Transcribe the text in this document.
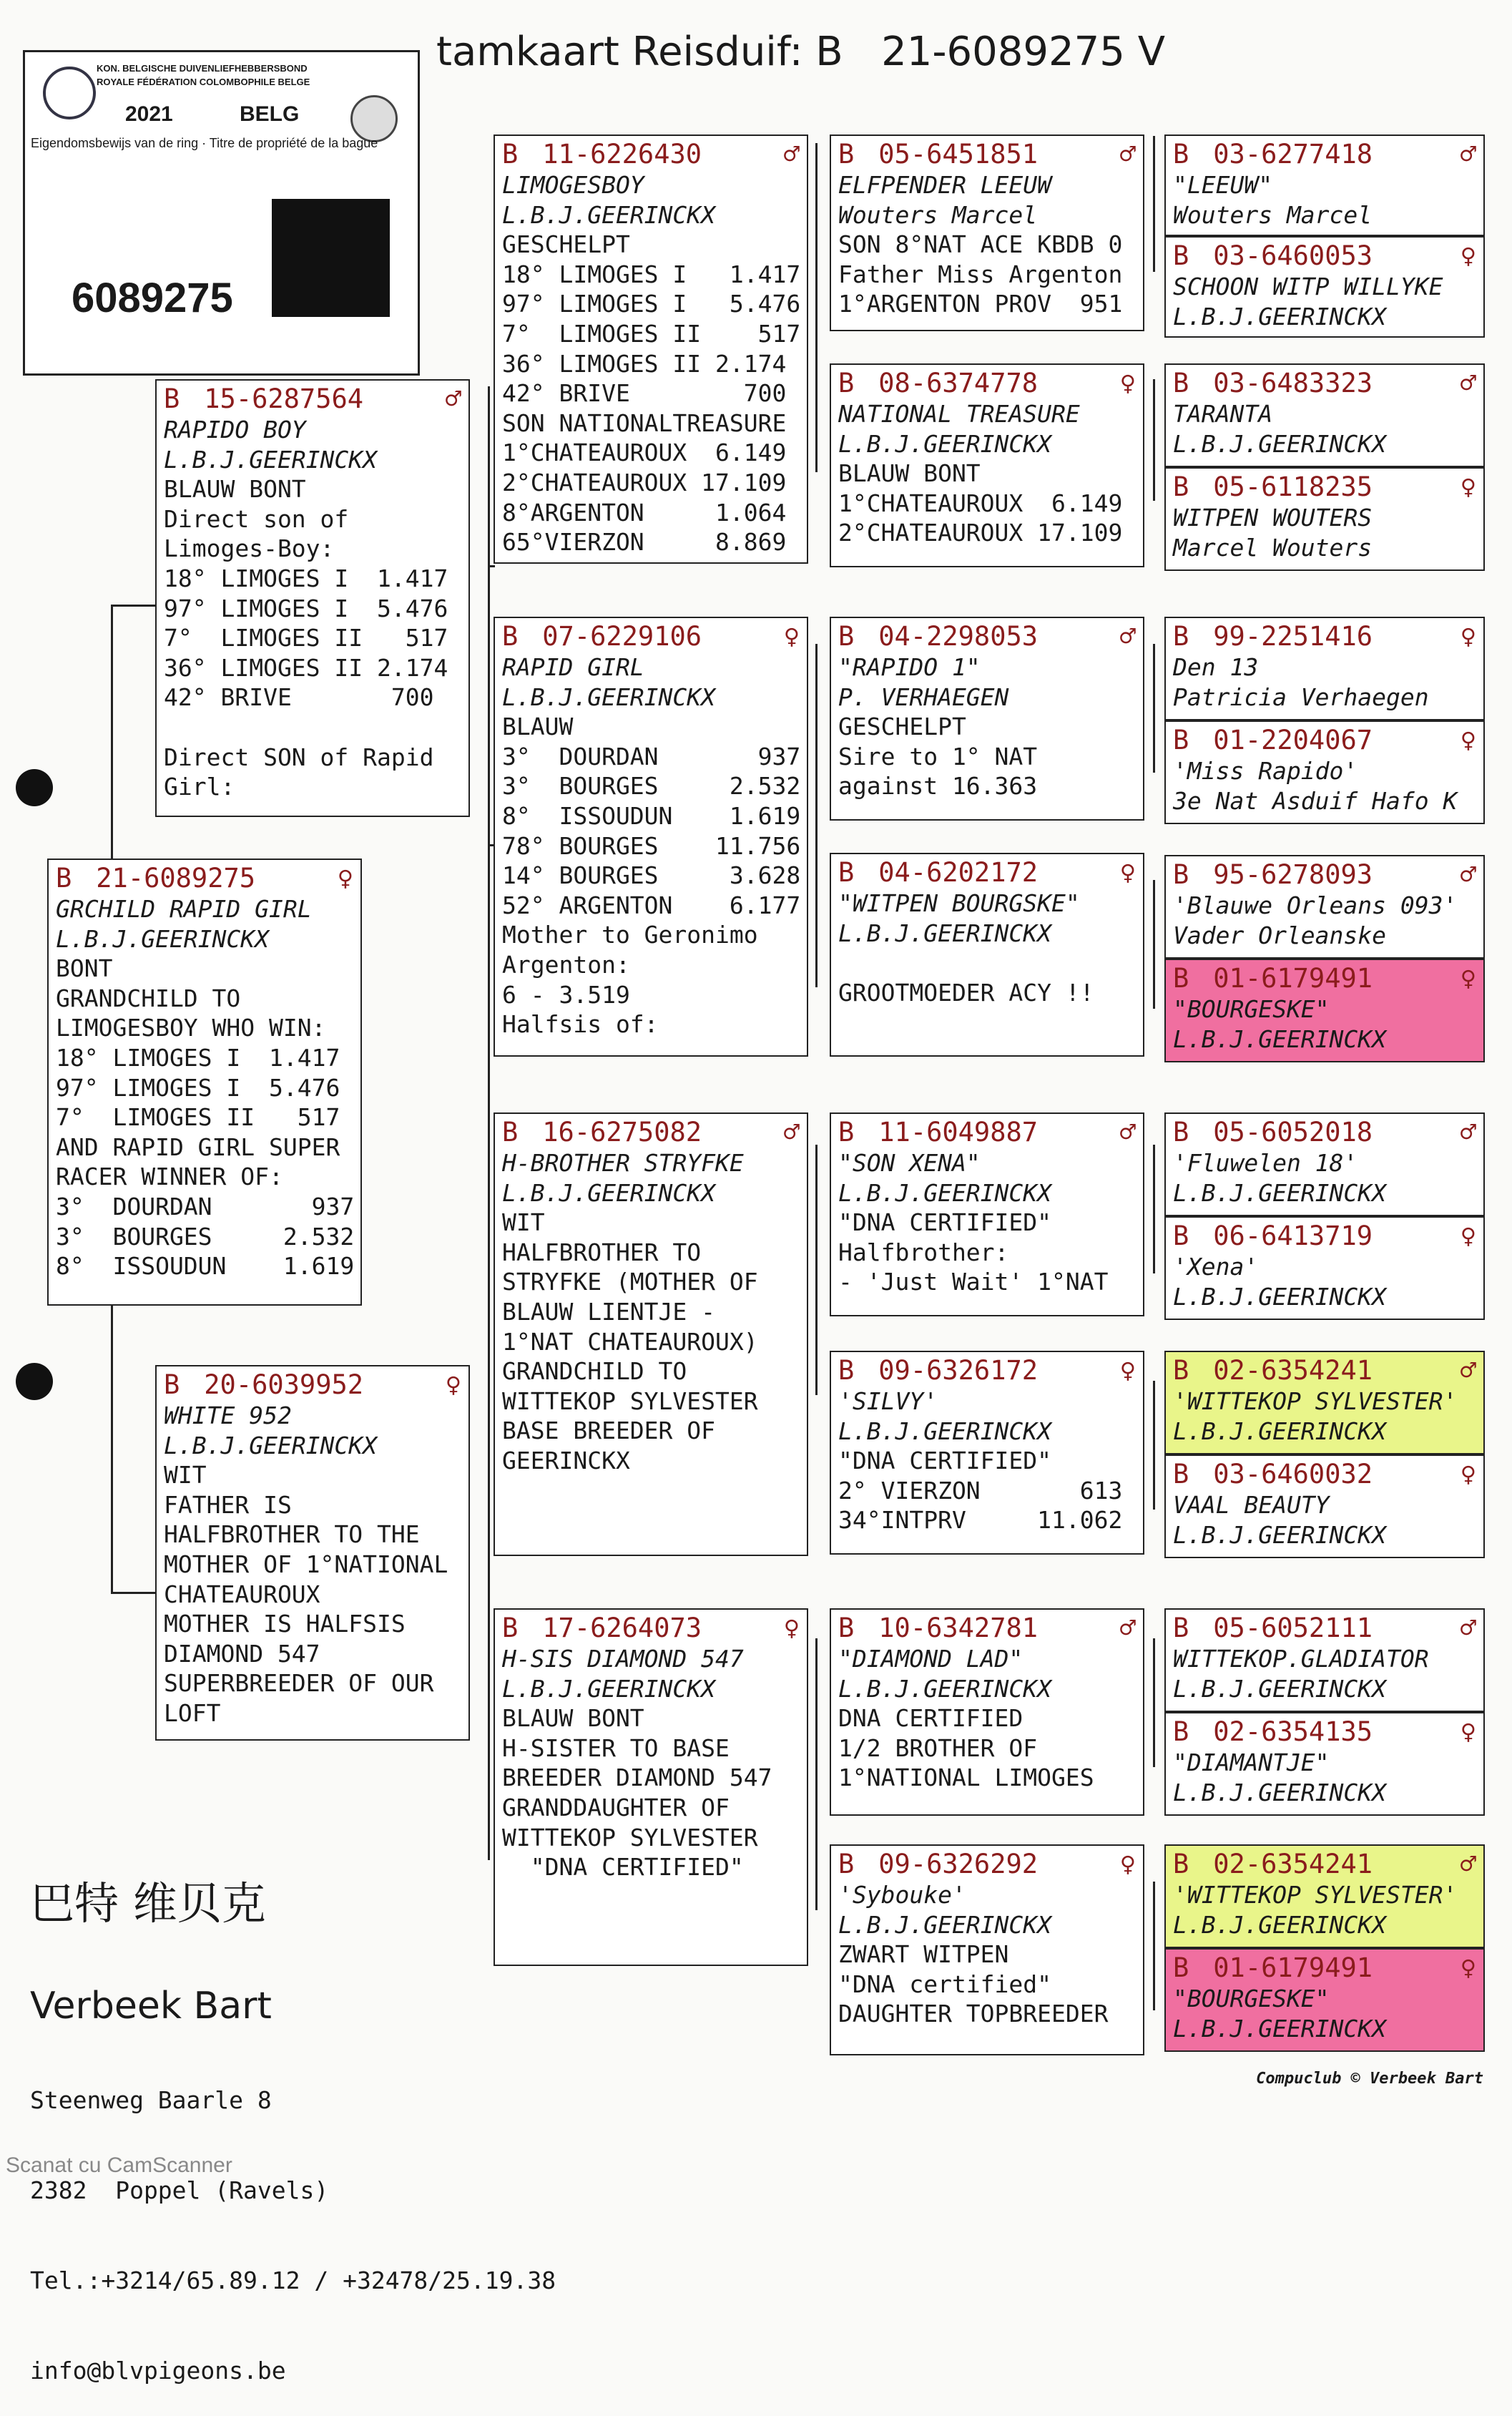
tamkaart Reisduif: B   21-6089275 V
KON. BELGISCHE DUIVENLIEFHEBBERSBOND
ROYALE FÉDÉRATION COLOMBOPHILE BELGE
2021	BELG
Eigendomsbewijs van de ring · Titre de propriété de la bague
6089275
B 15-6287564	♂
RAPIDO BOY
L.B.J.GEERINCKX
BLAUW BONT
Direct son of
Limoges-Boy:
18° LIMOGES I  1.417
97° LIMOGES I  5.476
7°  LIMOGES II   517
36° LIMOGES II 2.174
42° BRIVE       700

Direct SON of Rapid
Girl:
B 21-6089275	♀
GRCHILD RAPID GIRL
L.B.J.GEERINCKX
BONT
GRANDCHILD TO
LIMOGESBOY WHO WIN:
18° LIMOGES I  1.417
97° LIMOGES I  5.476
7°  LIMOGES II   517
AND RAPID GIRL SUPER
RACER WINNER OF:
3°  DOURDAN       937
3°  BOURGES     2.532
8°  ISSOUDUN    1.619
B 20-6039952	♀
WHITE 952
L.B.J.GEERINCKX
WIT
FATHER IS
HALFBROTHER TO THE
MOTHER OF 1°NATIONAL
CHATEAUROUX
MOTHER IS HALFSIS
DIAMOND 547
SUPERBREEDER OF OUR
LOFT
B 11-6226430	♂
LIMOGESBOY
L.B.J.GEERINCKX
GESCHELPT
18° LIMOGES I   1.417
97° LIMOGES I   5.476
7°  LIMOGES II    517
36° LIMOGES II 2.174
42° BRIVE        700
SON NATIONALTREASURE
1°CHATEAUROUX  6.149
2°CHATEAUROUX 17.109
8°ARGENTON     1.064
65°VIERZON     8.869
B 07-6229106	♀
RAPID GIRL
L.B.J.GEERINCKX
BLAUW
3°  DOURDAN       937
3°  BOURGES     2.532
8°  ISSOUDUN    1.619
78° BOURGES    11.756
14° BOURGES     3.628
52° ARGENTON    6.177
Mother to Geronimo
Argenton:
6 - 3.519
Halfsis of:
B 16-6275082	♂
H-BROTHER STRYFKE
L.B.J.GEERINCKX
WIT
HALFBROTHER TO
STRYFKE (MOTHER OF
BLAUW LIENTJE -
1°NAT CHATEAUROUX)
GRANDCHILD TO
WITTEKOP SYLVESTER
BASE BREEDER OF
GEERINCKX
B 17-6264073	♀
H-SIS DIAMOND 547
L.B.J.GEERINCKX
BLAUW BONT
H-SISTER TO BASE
BREEDER DIAMOND 547
GRANDDAUGHTER OF
WITTEKOP SYLVESTER
"DNA CERTIFIED"
B 05-6451851	♂
ELFPENDER LEEUW
Wouters Marcel
SON 8°NAT ACE KBDB 0
Father Miss Argenton
1°ARGENTON PROV  951
B 08-6374778	♀
NATIONAL TREASURE
L.B.J.GEERINCKX
BLAUW BONT
1°CHATEAUROUX  6.149
2°CHATEAUROUX 17.109
B 04-2298053	♂
"RAPIDO 1"
P. VERHAEGEN
GESCHELPT
Sire to 1° NAT
against 16.363
B 04-6202172	♀
"WITPEN BOURGSKE"
L.B.J.GEERINCKX

GROOTMOEDER ACY !!
B 11-6049887	♂
"SON XENA"
L.B.J.GEERINCKX
"DNA CERTIFIED"
Halfbrother:
- 'Just Wait' 1°NAT
B 09-6326172	♀
'SILVY'
L.B.J.GEERINCKX
"DNA CERTIFIED"
2° VIERZON       613
34°INTPRV     11.062
B 10-6342781	♂
"DIAMOND LAD"
L.B.J.GEERINCKX
DNA CERTIFIED
1/2 BROTHER OF
1°NATIONAL LIMOGES
B 09-6326292	♀
'Sybouke'
L.B.J.GEERINCKX
ZWART WITPEN
"DNA certified"
DAUGHTER TOPBREEDER
B 03-6277418	♂
"LEEUW"
Wouters Marcel
B 03-6460053	♀
SCHOON WITP WILLYKE
L.B.J.GEERINCKX
B 03-6483323	♂
TARANTA
L.B.J.GEERINCKX
B 05-6118235	♀
WITPEN WOUTERS
Marcel Wouters
B 99-2251416	♀
Den 13
Patricia Verhaegen
B 01-2204067	♀
'Miss Rapido'
3e Nat Asduif Hafo K
B 95-6278093	♂
'Blauwe Orleans 093'
Vader Orleanske
B 01-6179491	♀
"BOURGESKE"
L.B.J.GEERINCKX
B 05-6052018	♂
'Fluwelen 18'
L.B.J.GEERINCKX
B 06-6413719	♀
'Xena'
L.B.J.GEERINCKX
B 02-6354241	♂
'WITTEKOP SYLVESTER'
L.B.J.GEERINCKX
B 03-6460032	♀
VAAL BEAUTY
L.B.J.GEERINCKX
B 05-6052111	♂
WITTEKOP.GLADIATOR
L.B.J.GEERINCKX
B 02-6354135	♀
"DIAMANTJE"
L.B.J.GEERINCKX
B 02-6354241	♂
'WITTEKOP SYLVESTER'
L.B.J.GEERINCKX
B 01-6179491	♀
"BOURGESKE"
L.B.J.GEERINCKX

巴特 维贝克

Verbeek Bart

Steenweg Baarle 8

2382  Poppel (Ravels)

Tel.:+3214/65.89.12 / +32478/25.19.38

info@blvpigeons.be

Compuclub © Verbeek Bart
Scanat cu CamScanner
